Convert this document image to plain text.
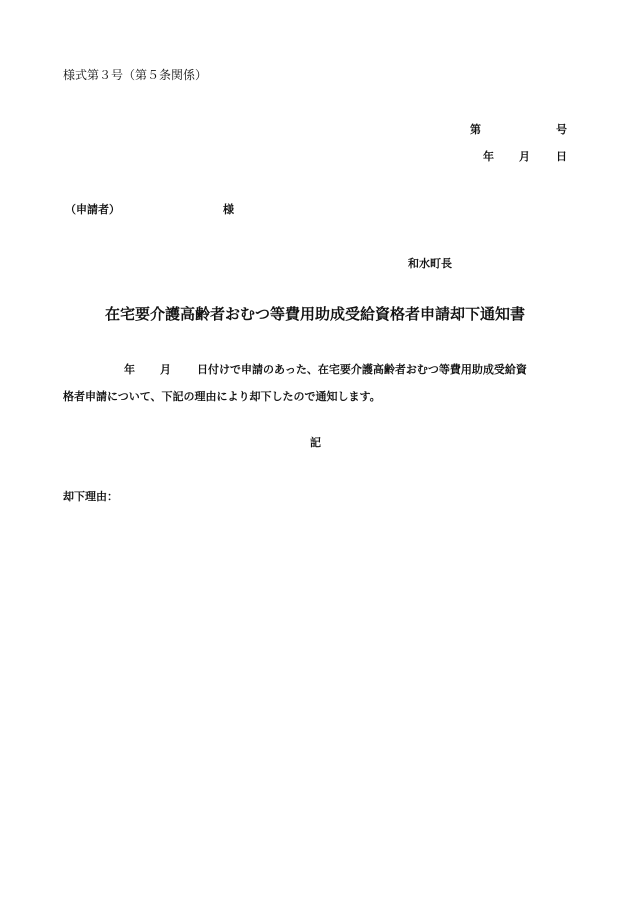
様式第３号（第５条関係）
第	号
年 月 日
（申請者）	様
和水町長
在宅要介護高齢者おむつ等費用助成受給資格者申請却下通知書
年 月 日付けで申請のあった、在宅要介護高齢者おむつ等費用助成受給資
格者申請について、下記の理由により却下したので通知します。
記
却下理由：
